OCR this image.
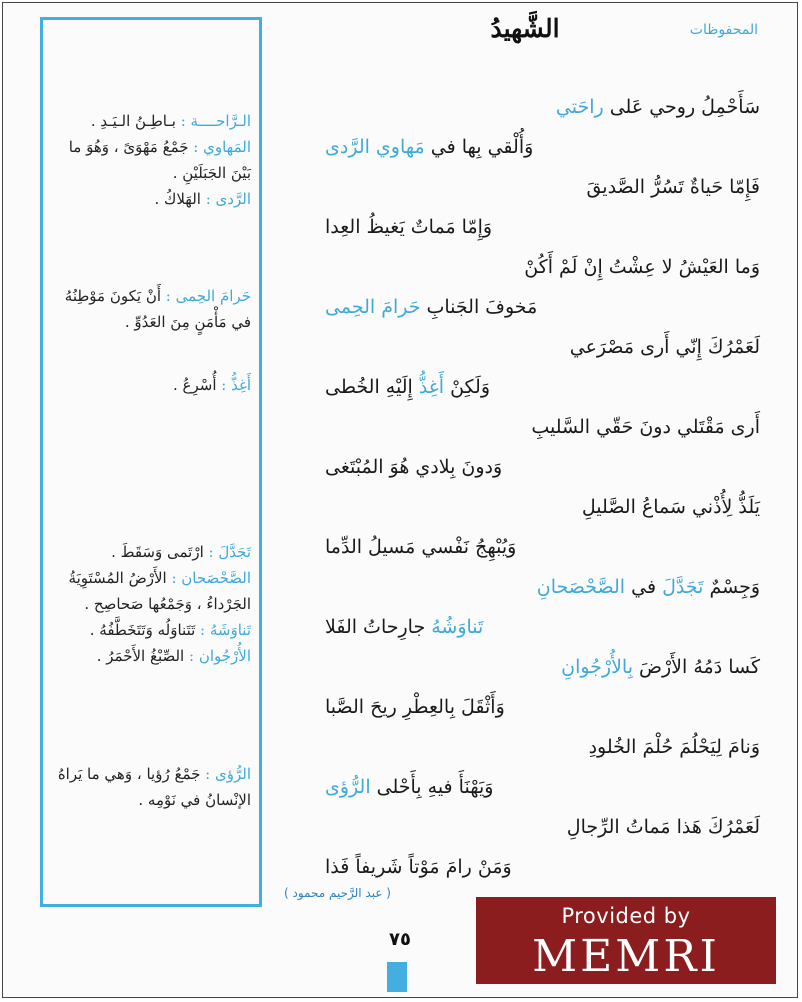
المحفوظات
الشَّهيدُ
الـرَّاحــــة : بـاطِـنُ الـيَـدِ .
المَهاوي : جَمْعُ مَهْوَىً ، وَهُوَ ما بَيْنَ الجَبَلَيْنِ .
الرَّدى : الهَلاكُ .
حَرامَ الحِمى : أَنْ يَكونَ مَوْطِنُهُ في مَأْمَنٍ مِنَ العَدُوِّ .
أَغِذُّ : أُسْرِعُ .
تَجَدَّلَ : ارْتَمى وَسَقَطَ .
الصَّحْصَحان : الأَرْضُ المُسْتَوِيَةُ الجَرْداءُ ، وَجَمْعُها صَحاصِح .
تَناوَشَهُ : تَتَناوَلُه وَتَتَخَطَّفُهُ .
الأُرْجُوان : الصِّبْغُ الأَحْمَرُ .
الرُّؤى : جَمْعُ رُؤيا ، وَهي ما يَراهُ الإنْسانُ في نَوْمِه .
سَأَحْمِلُ روحي عَلى راحَتي
وَأُلْقي بِها في مَهاوي الرَّدى
فَإِمّا حَياةٌ تَسُرُّ الصَّديقَ
وَإِمّا مَماتٌ يَغيظُ العِدا
وَما العَيْشُ لا عِشْتُ إِنْ لَمْ أَكُنْ
مَخوفَ الجَنابِ حَرامَ الحِمى
لَعَمْرُكَ إِنّي أَرى مَصْرَعي
وَلَكِنْ أَغِذُّ إِلَيْهِ الخُطى
أَرى مَقْتَلي دونَ حَقّي السَّليبِ
وَدونَ بِلادي هُوَ المُبْتَغى
يَلَذُّ لِأُذْني سَماعُ الصَّليلِ
وَيُبْهِجُ نَفْسي مَسيلُ الدِّما
وَجِسْمٌ تَجَدَّلَ في الصَّحْصَحانِ
تَناوَشُهُ جارِحاتُ الفَلا
كَسا دَمُهُ الأَرْضَ بِالأُرْجُوانِ
وَأَثْقَلَ بِالعِطْرِ ريحَ الصَّبا
وَنامَ لِيَحْلُمَ حُلْمَ الخُلودِ
وَيَهْنَأَ فيهِ بِأَحْلى الرُّؤى
لَعَمْرُكَ هَذا مَماتُ الرِّجالِ
وَمَنْ رامَ مَوْتاً شَريفاً فَذا
( عبد الرَّحيم محمود )
٧٥
Provided by
MEMRI
